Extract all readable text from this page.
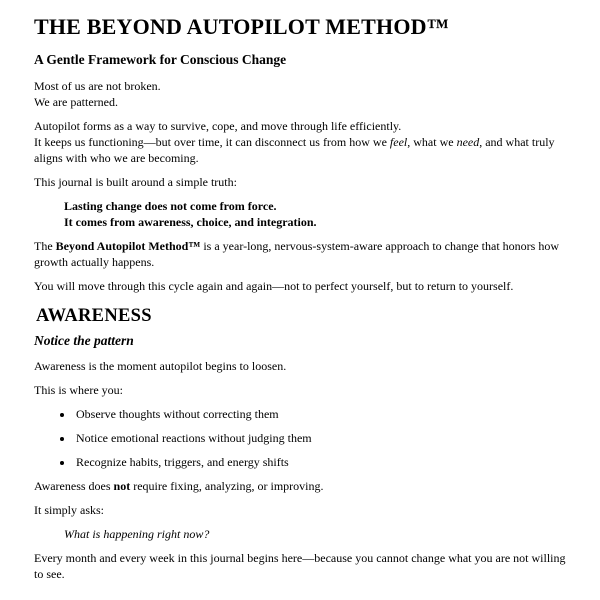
THE BEYOND AUTOPILOT METHOD™
A Gentle Framework for Conscious Change

Most of us are not broken.
We are patterned.

Autopilot forms as a way to survive, cope, and move through life efficiently.
It keeps us functioning—but over time, it can disconnect us from how we feel, what we need, and what truly aligns with who we are becoming.

This journal is built around a simple truth:

Lasting change does not come from force.
It comes from awareness, choice, and integration.

The Beyond Autopilot Method™ is a year-long, nervous-system-aware approach to change that honors how growth actually happens.

You will move through this cycle again and again—not to perfect yourself, but to return to yourself.

AWARENESS
Notice the pattern

Awareness is the moment autopilot begins to loosen.

This is where you:

• Observe thoughts without correcting them
• Notice emotional reactions without judging them
• Recognize habits, triggers, and energy shifts

Awareness does not require fixing, analyzing, or improving.

It simply asks:

What is happening right now?

Every month and every week in this journal begins here—because you cannot change what you are not willing to see.
